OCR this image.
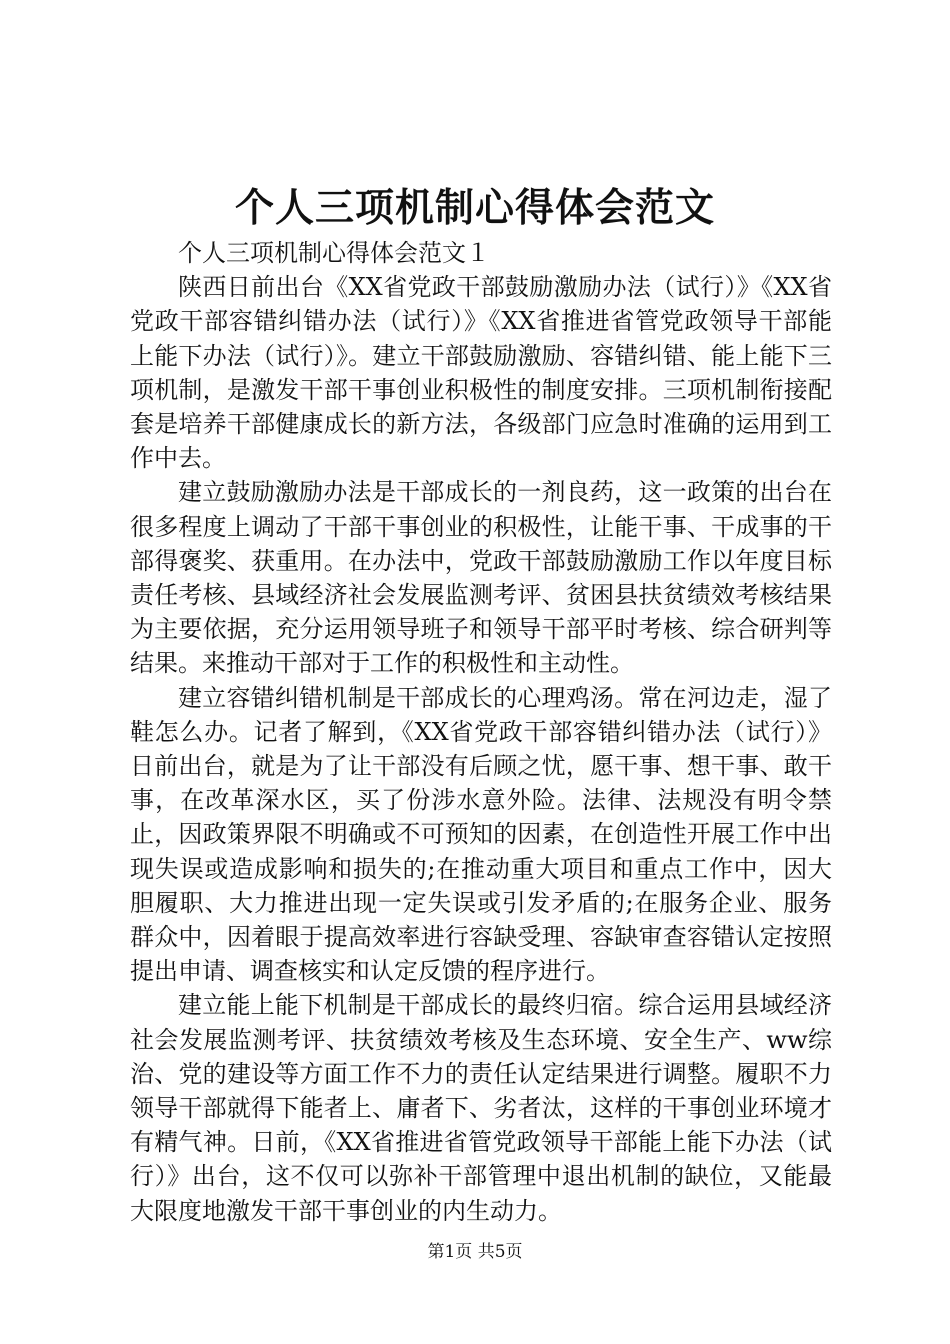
个人三项机制心得体会范文

个人三项机制心得体会范文１

陕西日前出台《XX省党政干部鼓励激励办法（试行）》《XX省党政干部容错纠错办法（试行）》《XX省推进省管党政领导干部能上能下办法（试行）》。建立干部鼓励激励、容错纠错、能上能下三项机制，是激发干部干事创业积极性的制度安排。三项机制衔接配套是培养干部健康成长的新方法，各级部门应急时准确的运用到工作中去。

建立鼓励激励办法是干部成长的一剂良药，这一政策的出台在很多程度上调动了干部干事创业的积极性，让能干事、干成事的干部得褒奖、获重用。在办法中，党政干部鼓励激励工作以年度目标责任考核、县域经济社会发展监测考评、贫困县扶贫绩效考核结果为主要依据，充分运用领导班子和领导干部平时考核、综合研判等结果。来推动干部对于工作的积极性和主动性。

建立容错纠错机制是干部成长的心理鸡汤。常在河边走，湿了鞋怎么办。记者了解到，《XX省党政干部容错纠错办法（试行）》日前出台，就是为了让干部没有后顾之忧，愿干事、想干事、敢干事，在改革深水区，买了份涉水意外险。法律、法规没有明令禁止，因政策界限不明确或不可预知的因素，在创造性开展工作中出现失误或造成影响和损失的;在推动重大项目和重点工作中，因大胆履职、大力推进出现一定失误或引发矛盾的;在服务企业、服务群众中，因着眼于提高效率进行容缺受理、容缺审查容错认定按照提出申请、调查核实和认定反馈的程序进行。

建立能上能下机制是干部成长的最终归宿。综合运用县域经济社会发展监测考评、扶贫绩效考核及生态环境、安全生产、ww综治、党的建设等方面工作不力的责任认定结果进行调整。履职不力领导干部就得下能者上、庸者下、劣者汰，这样的干事创业环境才有精气神。日前，《XX省推进省管党政领导干部能上能下办法（试行）》出台，这不仅可以弥补干部管理中退出机制的缺位，又能最大限度地激发干部干事创业的内生动力。

第1页 共5页
